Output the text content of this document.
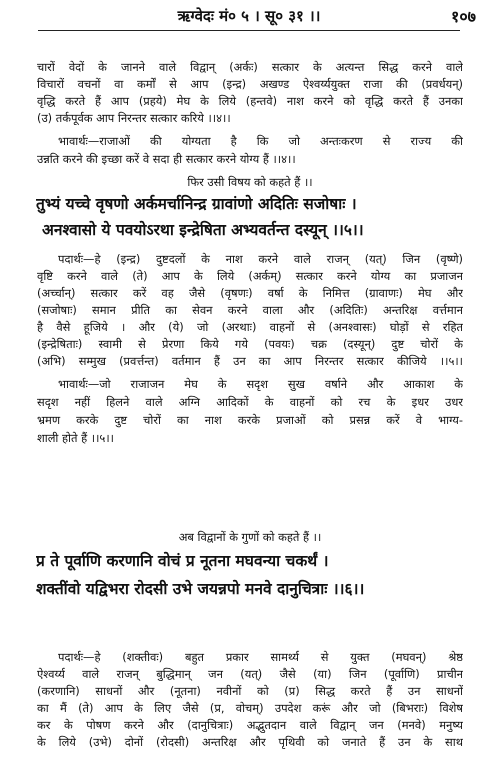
ऋग्वेदः मं० ५ । सू० ३१ ।।	१०७
चारों वेदों के जानने वाले विद्वान् (अर्कः) सत्कार के अत्यन्त सिद्ध करने वाले
विचारों वचनों वा कर्मों से आप (इन्द्र) अखण्ड ऐश्वर्य्ययुक्त राजा की (प्रवर्धयन्)
वृद्धि करते हैं आप (प्रहये) मेघ के लिये (हन्तवे) नाश करने को वृद्धि करते हैं उनका
(उ) तर्कपूर्वक आप निरन्तर सत्कार करिये ।।४।।
भावार्थः—राजाओं की योग्यता है कि जो अन्तःकरण से राज्य की
उन्नति करने की इच्छा करें वे सदा ही सत्कार करने योग्य हैं ।।४।।
फिर उसी विषय को कहते हैं ।।
पदार्थः—हे (इन्द्र) दुष्टदलों के नाश करने वाले राजन् (यत्) जिन (वृष्णे)
वृष्टि करने वाले (ते) आप के लिये (अर्कम्) सत्कार करने योग्य का प्रजाजन
(अर्च्चान्) सत्कार करें वह जैसे (वृषणः) वर्षा के निमित्त (ग्रावाणः) मेघ और
(सजोषाः) समान प्रीति का सेवन करने वाला और (अदितिः) अन्तरिक्ष वर्त्तमान
है वैसे हूजिये । और (ये) जो (अरथाः) वाहनों से (अनश्वासः) घोड़ों से रहित
(इन्द्रेषिताः) स्वामी से प्रेरणा किये गये (पवयः) चक्र (दस्यून्) दुष्ट चोरों के
(अभि) सम्मुख (प्रवर्त्तन्त) वर्तमान हैं उन का आप निरन्तर सत्कार कीजिये ।।५।।
भावार्थः—जो राजाजन मेघ के सदृश सुख वर्षाने और आकाश के
सदृश नहीं हिलने वाले अग्नि आदिकों के वाहनों को रच के इधर उधर
भ्रमण करके दुष्ट चोरों का नाश करके प्रजाओं को प्रसन्न करें वे भाग्य-
शाली होते हैं ।।५।।
अब विद्वानों के गुणों को कहते हैं ।।
पदार्थः—हे (शक्तीवः) बहुत प्रकार सामर्थ्य से युक्त (मघवन्) श्रेष्ठ
ऐश्वर्य्य वाले राजन् बुद्धिमान् जन (यत्) जैसे (या) जिन (पूर्वाणि) प्राचीन
(करणानि) साधनों और (नूतना) नवीनों को (प्र) सिद्ध करते हैं उन साधनों
का मैं (ते) आप के लिए जैसे (प्र, वोचम्) उपदेश करूं और जो (बिभराः) विशेष
कर के पोषण करने और (दानुचित्राः) अद्भुतदान वाले विद्वान् जन (मनवे) मनुष्य
के लिये (उभे) दोनों (रोदसी) अन्तरिक्ष और पृथिवी को जनाते हैं उन के साथ
तुभ्यं यच्चे वृषणो अर्कमर्चानिन्द्र ग्रावांणो अदितिः सजोषाः ।
अनश्वासो ये पवयोऽरथा इन्द्रेषिता अभ्यवर्तन्त दस्यून् ।।५।।
प्र ते पूर्वाणि करणानि वोचं प्र नूतना मघवन्या चकर्थं ।
शक्तींवो यद्विभरा रोदसी उभे जयन्नपो मनवे दानुचित्राः ।।६।।
